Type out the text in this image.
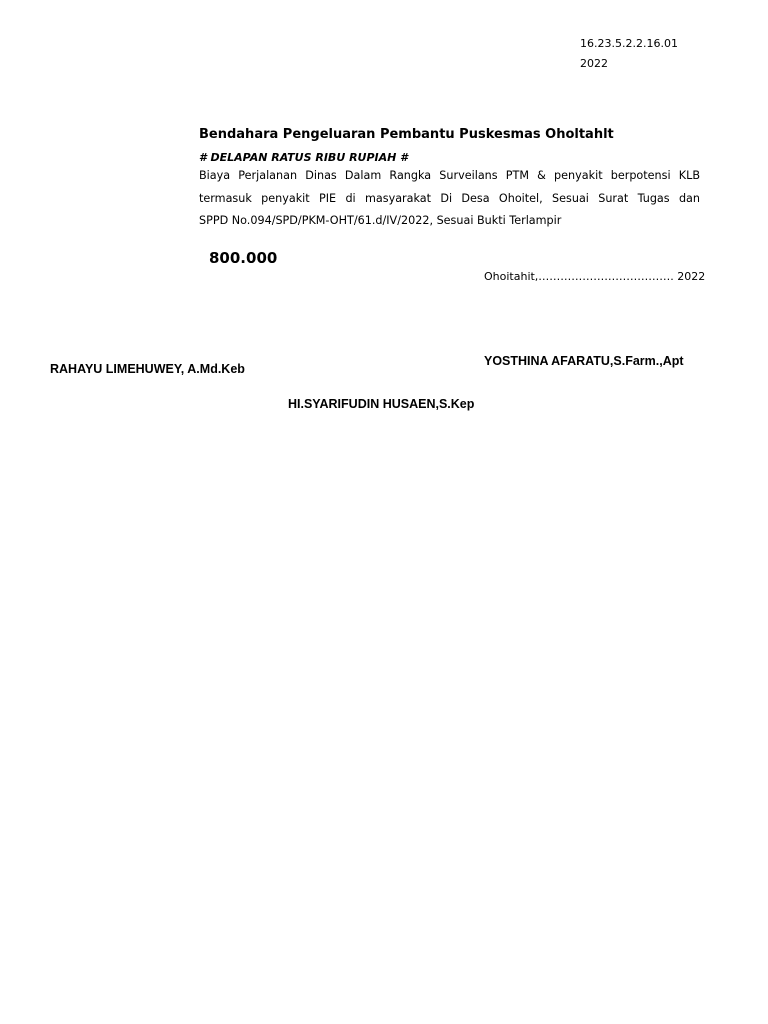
16.23.5.2.2.16.01
2022
Bendahara Pengeluaran Pembantu Puskesmas Oholtahlt
# DELAPAN RATUS RIBU RUPIAH #
Biaya Perjalanan Dinas Dalam Rangka Surveilans PTM & penyakit berpotensi KLB
termasuk penyakit PIE di masyarakat Di Desa Ohoitel, Sesuai Surat Tugas dan
SPPD No.094/SPD/PKM-OHT/61.d/IV/2022, Sesuai Bukti Terlampir
800.000
Ohoitahit,………………………………. 2022
YOSTHINA AFARATU,S.Farm.,Apt
RAHAYU LIMEHUWEY, A.Md.Keb
HI.SYARIFUDIN HUSAEN,S.Kep
